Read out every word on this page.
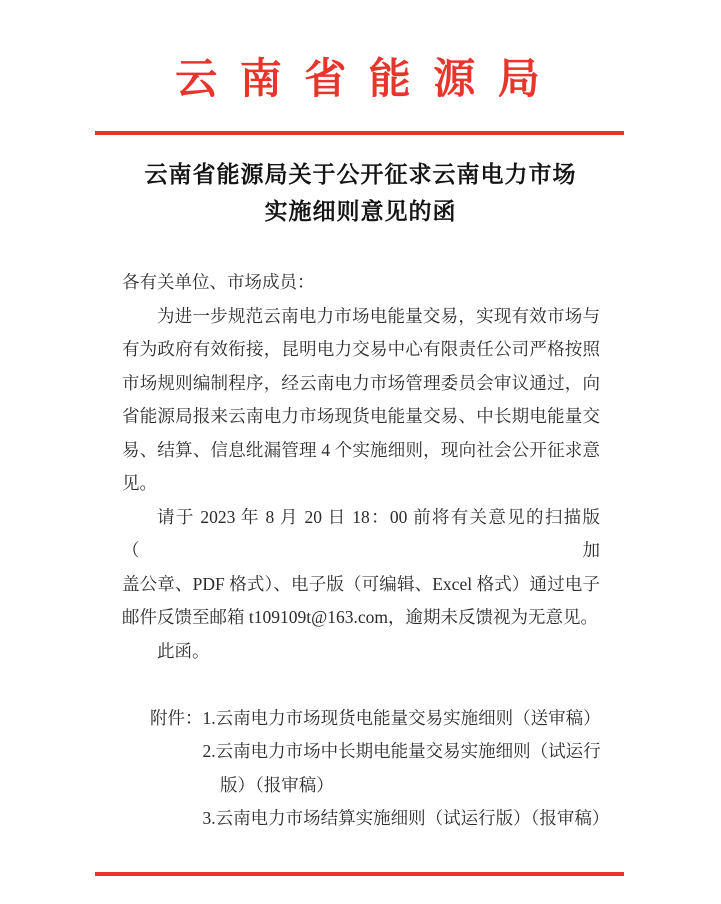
云 南 省 能 源 局
云南省能源局关于公开征求云南电力市场
实施细则意见的函
各有关单位、市场成员：
为进一步规范云南电力市场电能量交易，实现有效市场与
有为政府有效衔接，昆明电力交易中心有限责任公司严格按照
市场规则编制程序，经云南电力市场管理委员会审议通过，向
省能源局报来云南电力市场现货电能量交易、中长期电能量交
易、结算、信息纰漏管理 4 个实施细则，现向社会公开征求意
见。
请于 2023 年 8 月 20 日 18：00 前将有关意见的扫描版（加
盖公章、PDF 格式）、电子版（可编辑、Excel 格式）通过电子
邮件反馈至邮箱 t109109t@163.com，逾期未反馈视为无意见。
此函。
附件： 1.云南电力市场现货电能量交易实施细则（送审稿）
2.云南电力市场中长期电能量交易实施细则（试运行
版）（报审稿）
3.云南电力市场结算实施细则（试运行版）（报审稿）
